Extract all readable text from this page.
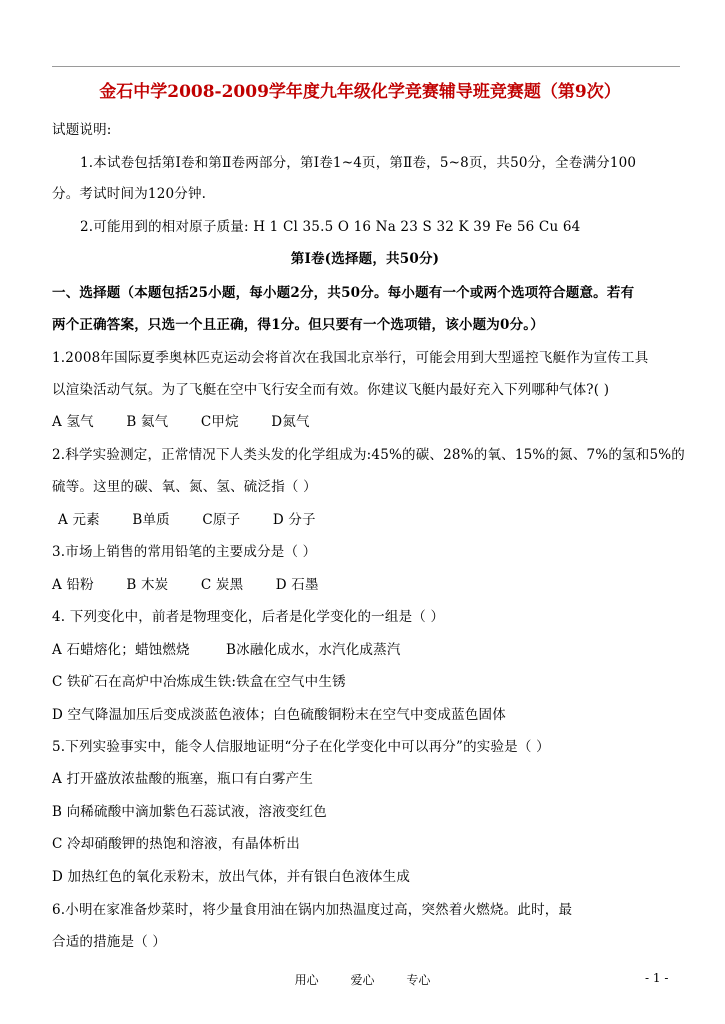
金石中学2008-2009学年度九年级化学竞赛辅导班竞赛题（第9次）
试题说明:
1.本试卷包括第Ⅰ卷和第Ⅱ卷两部分，第Ⅰ卷1~4页，第Ⅱ卷，5~8页，共50分，全卷满分100
分。考试时间为120分钟.
2.可能用到的相对原子质量: H 1 Cl 35.5 O 16 Na 23 S 32 K 39 Fe 56 Cu 64
第Ⅰ卷(选择题，共50分)
一、选择题（本题包括25小题，每小题2分，共50分。每小题有一个或两个选项符合题意。若有
两个正确答案，只选一个且正确，得1分。但只要有一个选项错，该小题为0分。）
1.2008年国际夏季奥林匹克运动会将首次在我国北京举行，可能会用到大型遥控飞艇作为宣传工具
以渲染活动气氛。为了飞艇在空中飞行安全而有效。你建议飞艇内最好充入下列哪种气体?( )
A 氢气 B 氦气 C甲烷 D氮气
2.科学实验测定，正常情况下人类头发的化学组成为:45%的碳、28%的氧、15%的氮、7%的氢和5%的
硫等。这里的碳、氧、氮、氢、硫泛指（ ）
A 元素 B单质 C原子 D 分子
3.市场上销售的常用铅笔的主要成分是（ ）
A 铅粉 B 木炭 C 炭黑 D 石墨
4. 下列变化中，前者是物理变化，后者是化学变化的一组是（ ）
A 石蜡熔化；蜡蚀燃烧	B冰融化成水，水汽化成蒸汽
C 铁矿石在高炉中冶炼成生铁:铁盒在空气中生锈
D 空气降温加压后变成淡蓝色液体；白色硫酸铜粉末在空气中变成蓝色固体
5.下列实验事实中，能令人信服地证明“分子在化学变化中可以再分”的实验是（ ）
A 打开盛放浓盐酸的瓶塞，瓶口有白雾产生
B 向稀硫酸中滴加紫色石蕊试液，溶液变红色
C 冷却硝酸钾的热饱和溶液，有晶体析出
D 加热红色的氧化汞粉末，放出气体，并有银白色液体生成
6.小明在家准备炒菜时，将少量食用油在锅内加热温度过高，突然着火燃烧。此时，最
合适的措施是（ ）
用心	爱心	专心	- 1 -
